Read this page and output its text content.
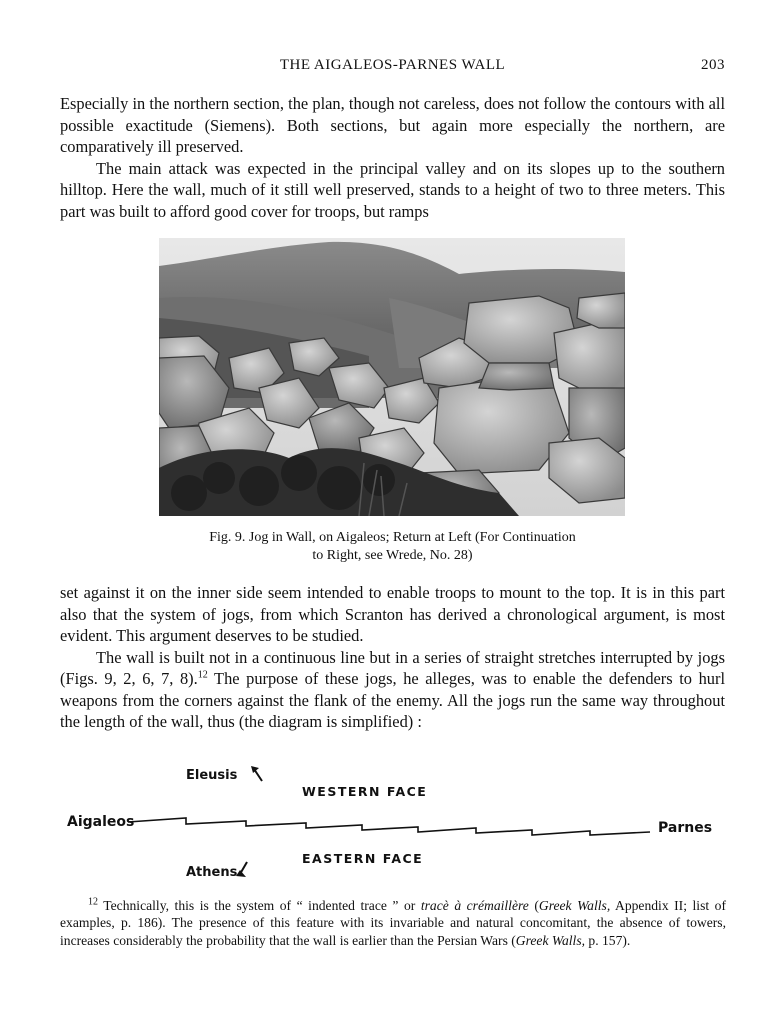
THE AIGALEOS-PARNES WALL	203

Especially in the northern section, the plan, though not careless, does not follow the contours with all possible exactitude (Siemens). Both sections, but again more especially the northern, are comparatively ill preserved.

The main attack was expected in the principal valley and on its slopes up to the southern hilltop. Here the wall, much of it still well preserved, stands to a height of two to three meters. This part was built to afford good cover for troops, but ramps

Fig. 9. Jog in Wall, on Aigaleos; Return at Left (For Continuation
to Right, see Wrede, No. 28)

set against it on the inner side seem intended to enable troops to mount to the top. It is in this part also that the system of jogs, from which Scranton has derived a chronological argument, is most evident. This argument deserves to be studied.

The wall is built not in a continuous line but in a series of straight stretches interrupted by jogs (Figs. 9, 2, 6, 7, 8).$^{12}$ The purpose of these jogs, he alleges, was to enable the defenders to hurl weapons from the corners against the flank of the enemy. All the jogs run the same way throughout the length of the wall, thus (the diagram is simplified) :

Eleusis
WESTERN FACE
Aigaleos	Parnes
Athens
EASTERN FACE

$^{12}$ Technically, this is the system of “ indented trace ” or tracè à crémaillère (Greek Walls, Appendix II; list of examples, p. 186). The presence of this feature with its invariable and natural concomitant, the absence of towers, increases considerably the probability that the wall is earlier than the Persian Wars (Greek Walls, p. 157).
